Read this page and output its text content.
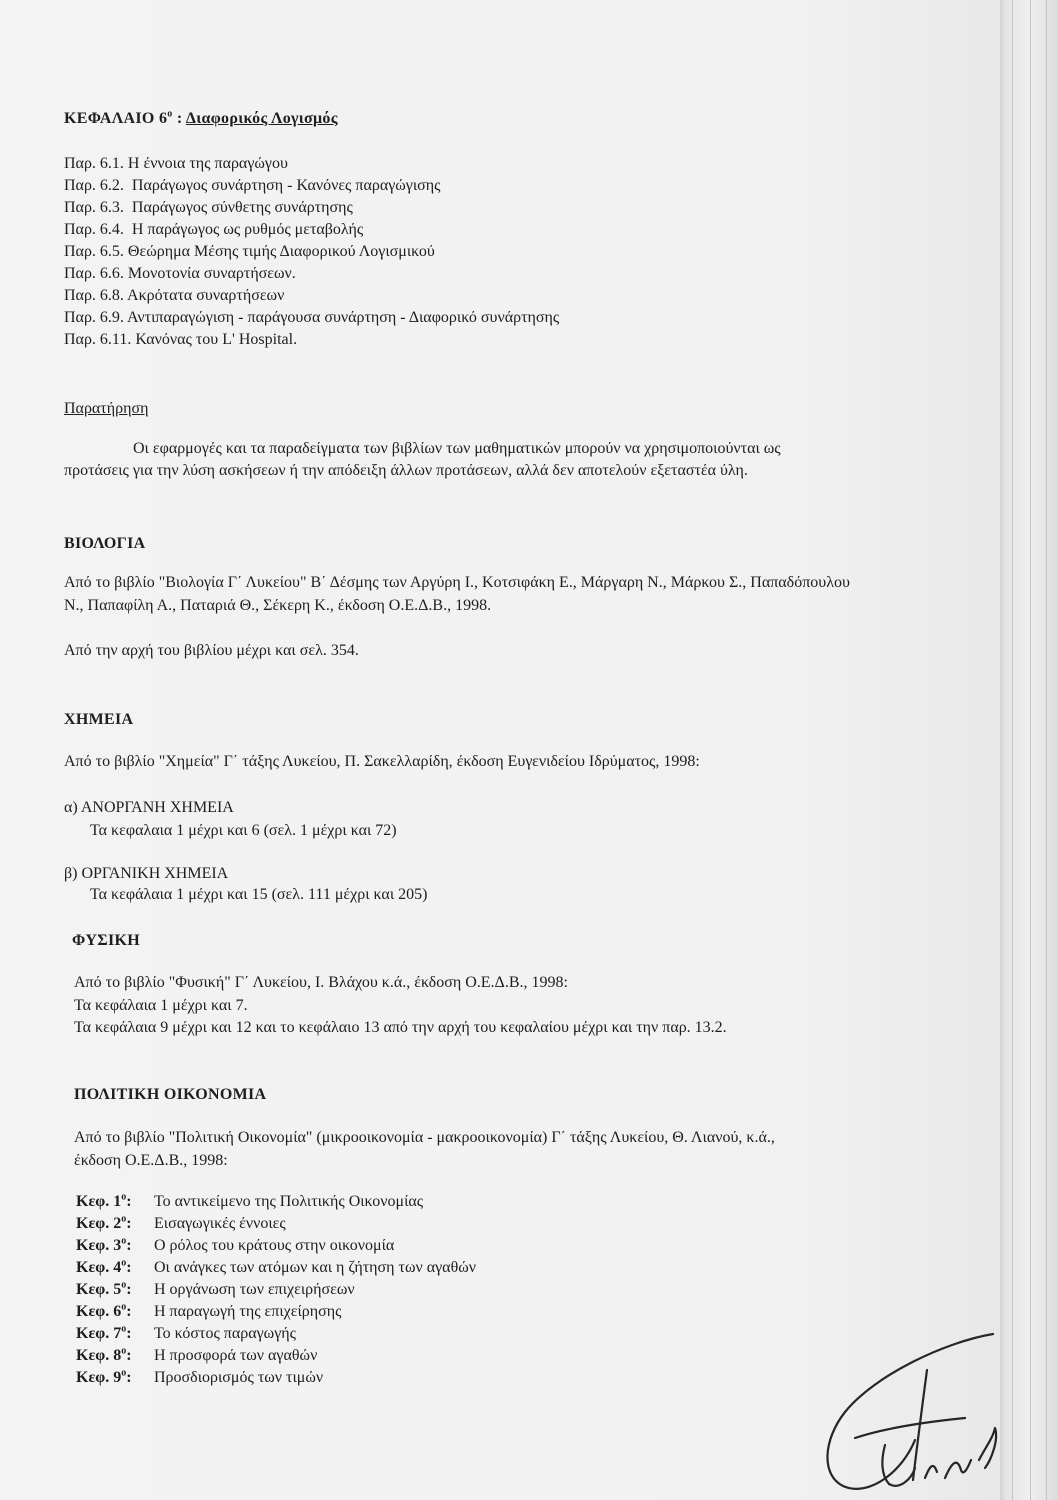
ΚΕΦΑΛΑΙΟ $6^o$ : Διαφορικός Λογισμός
Παρ. 6.1. Η έννοια της παραγώγου
Παρ. 6.2.  Παράγωγος συνάρτηση - Κανόνες παραγώγισης
Παρ. 6.3.  Παράγωγος σύνθετης συνάρτησης
Παρ. 6.4.  Η παράγωγος ως ρυθμός μεταβολής
Παρ. 6.5. Θεώρημα Μέσης τιμής Διαφορικού Λογισμικού
Παρ. 6.6. Μονοτονία συναρτήσεων.
Παρ. 6.8. Ακρότατα συναρτήσεων
Παρ. 6.9. Αντιπαραγώγιση - παράγουσα συνάρτηση - Διαφορικό συνάρτησης
Παρ. 6.11. Κανόνας του L' Hospital.
Παρατήρηση
Οι εφαρμογές και τα παραδείγματα των βιβλίων των μαθηματικών μπορούν να χρησιμοποιούνται ως
προτάσεις για την λύση ασκήσεων ή την απόδειξη άλλων προτάσεων, αλλά δεν αποτελούν εξεταστέα ύλη.
ΒΙΟΛΟΓΙΑ
Από το βιβλίο "Βιολογία Γ΄ Λυκείου" Β΄ Δέσμης των Αργύρη Ι., Κοτσιφάκη Ε., Μάργαρη Ν., Μάρκου Σ., Παπαδόπουλου
Ν., Παπαφίλη Α., Παταριά Θ., Σέκερη Κ., έκδοση Ο.Ε.Δ.Β., 1998.
Από την αρχή του βιβλίου μέχρι και σελ. 354.
ΧΗΜΕΙΑ
Από το βιβλίο "Χημεία" Γ΄ τάξης Λυκείου, Π. Σακελλαρίδη, έκδοση Ευγενιδείου Ιδρύματος, 1998:
α) ΑΝΟΡΓΑΝΗ ΧΗΜΕΙΑ
Τα κεφαλαια 1 μέχρι και 6 (σελ. 1 μέχρι και 72)
β) ΟΡΓΑΝΙΚΗ ΧΗΜΕΙΑ
Τα κεφάλαια 1 μέχρι και 15 (σελ. 111 μέχρι και 205)
ΦΥΣΙΚΗ
Από το βιβλίο "Φυσική" Γ΄ Λυκείου, Ι. Βλάχου κ.ά., έκδοση Ο.Ε.Δ.Β., 1998:
Τα κεφάλαια 1 μέχρι και 7.
Τα κεφάλαια 9 μέχρι και 12 και το κεφάλαιο 13 από την αρχή του κεφαλαίου μέχρι και την παρ. 13.2.
ΠΟΛΙΤΙΚΗ ΟΙΚΟΝΟΜΙΑ
Από το βιβλίο "Πολιτική Οικονομία" (μικροοικονομία - μακροοικονομία) Γ΄ τάξης Λυκείου, Θ. Λιανού, κ.ά.,
έκδοση Ο.Ε.Δ.Β., 1998:
Κεφ. $1^o$:	Το αντικείμενο της Πολιτικής Οικονομίας
Κεφ. $2^o$:	Εισαγωγικές έννοιες
Κεφ. $3^o$:	Ο ρόλος του κράτους στην οικονομία
Κεφ. $4^o$:	Οι ανάγκες των ατόμων και η ζήτηση των αγαθών
Κεφ. $5^o$:	Η οργάνωση των επιχειρήσεων
Κεφ. $6^o$:	Η παραγωγή της επιχείρησης
Κεφ. $7^o$:	Το κόστος παραγωγής
Κεφ. $8^o$:	Η προσφορά των αγαθών
Κεφ. $9^o$:	Προσδιορισμός των τιμών
